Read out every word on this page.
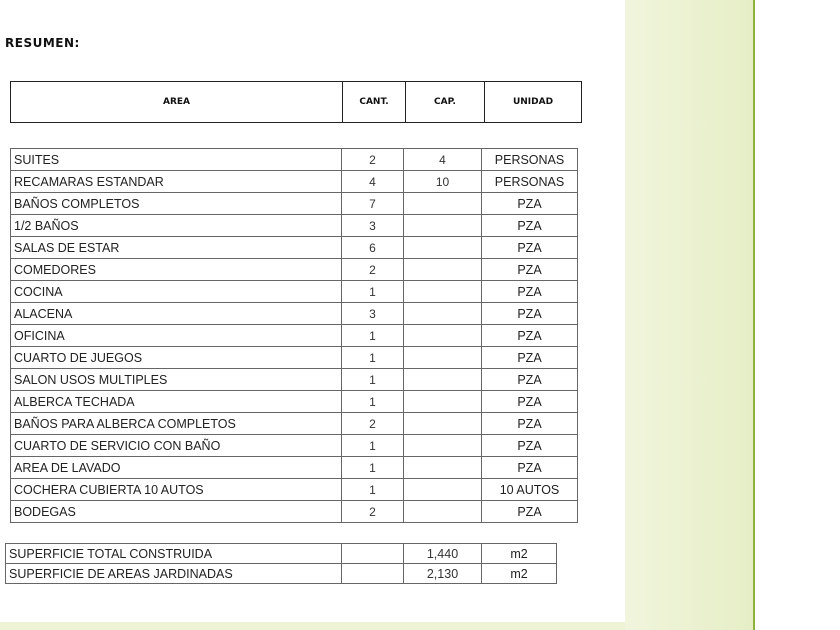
RESUMEN:
AREA	CANT.	CAP.	UNIDAD
SUITES	2	4	PERSONAS
RECAMARAS ESTANDAR	4	10	PERSONAS
BAÑOS COMPLETOS	7		PZA
1/2 BAÑOS	3		PZA
SALAS DE ESTAR	6		PZA
COMEDORES	2		PZA
COCINA	1		PZA
ALACENA	3		PZA
OFICINA	1		PZA
CUARTO DE JUEGOS	1		PZA
SALON USOS MULTIPLES	1		PZA
ALBERCA TECHADA	1		PZA
BAÑOS PARA ALBERCA COMPLETOS	2		PZA
CUARTO DE SERVICIO CON BAÑO	1		PZA
AREA DE LAVADO	1		PZA
COCHERA CUBIERTA 10 AUTOS	1		10 AUTOS
BODEGAS	2		PZA
SUPERFICIE TOTAL CONSTRUIDA		1,440	m2
SUPERFICIE DE AREAS JARDINADAS		2,130	m2
